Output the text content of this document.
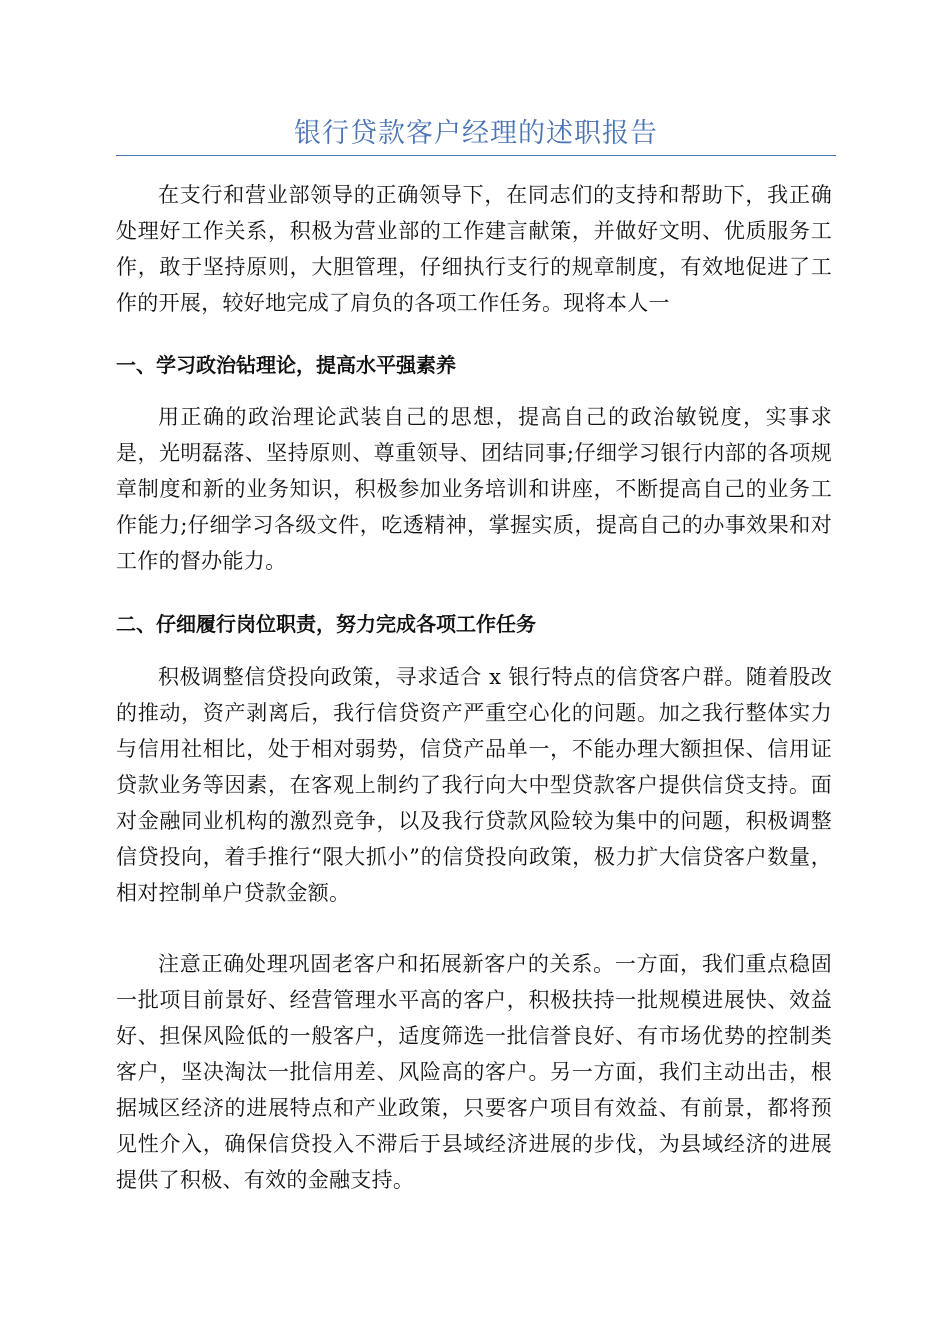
银行贷款客户经理的述职报告

在支行和营业部领导的正确领导下，在同志们的支持和帮助下，我正确处理好工作关系，积极为营业部的工作建言献策，并做好文明、优质服务工作，敢于坚持原则，大胆管理，仔细执行支行的规章制度，有效地促进了工作的开展，较好地完成了肩负的各项工作任务。现将本人一

一、学习政治钻理论，提高水平强素养

用正确的政治理论武装自己的思想，提高自己的政治敏锐度，实事求是，光明磊落、坚持原则、尊重领导、团结同事;仔细学习银行内部的各项规章制度和新的业务知识，积极参加业务培训和讲座，不断提高自己的业务工作能力;仔细学习各级文件，吃透精神，掌握实质，提高自己的办事效果和对工作的督办能力。

二、仔细履行岗位职责，努力完成各项工作任务

积极调整信贷投向政策，寻求适合 x 银行特点的信贷客户群。随着股改的推动，资产剥离后，我行信贷资产严重空心化的问题。加之我行整体实力与信用社相比，处于相对弱势，信贷产品单一，不能办理大额担保、信用证贷款业务等因素，在客观上制约了我行向大中型贷款客户提供信贷支持。面对金融同业机构的激烈竞争，以及我行贷款风险较为集中的问题，积极调整信贷投向，着手推行“限大抓小”的信贷投向政策，极力扩大信贷客户数量，相对控制单户贷款金额。

注意正确处理巩固老客户和拓展新客户的关系。一方面，我们重点稳固一批项目前景好、经营管理水平高的客户，积极扶持一批规模进展快、效益好、担保风险低的一般客户，适度筛选一批信誉良好、有市场优势的控制类客户，坚决淘汰一批信用差、风险高的客户。另一方面，我们主动出击，根据城区经济的进展特点和产业政策，只要客户项目有效益、有前景，都将预见性介入，确保信贷投入不滞后于县域经济进展的步伐，为县域经济的进展提供了积极、有效的金融支持。
